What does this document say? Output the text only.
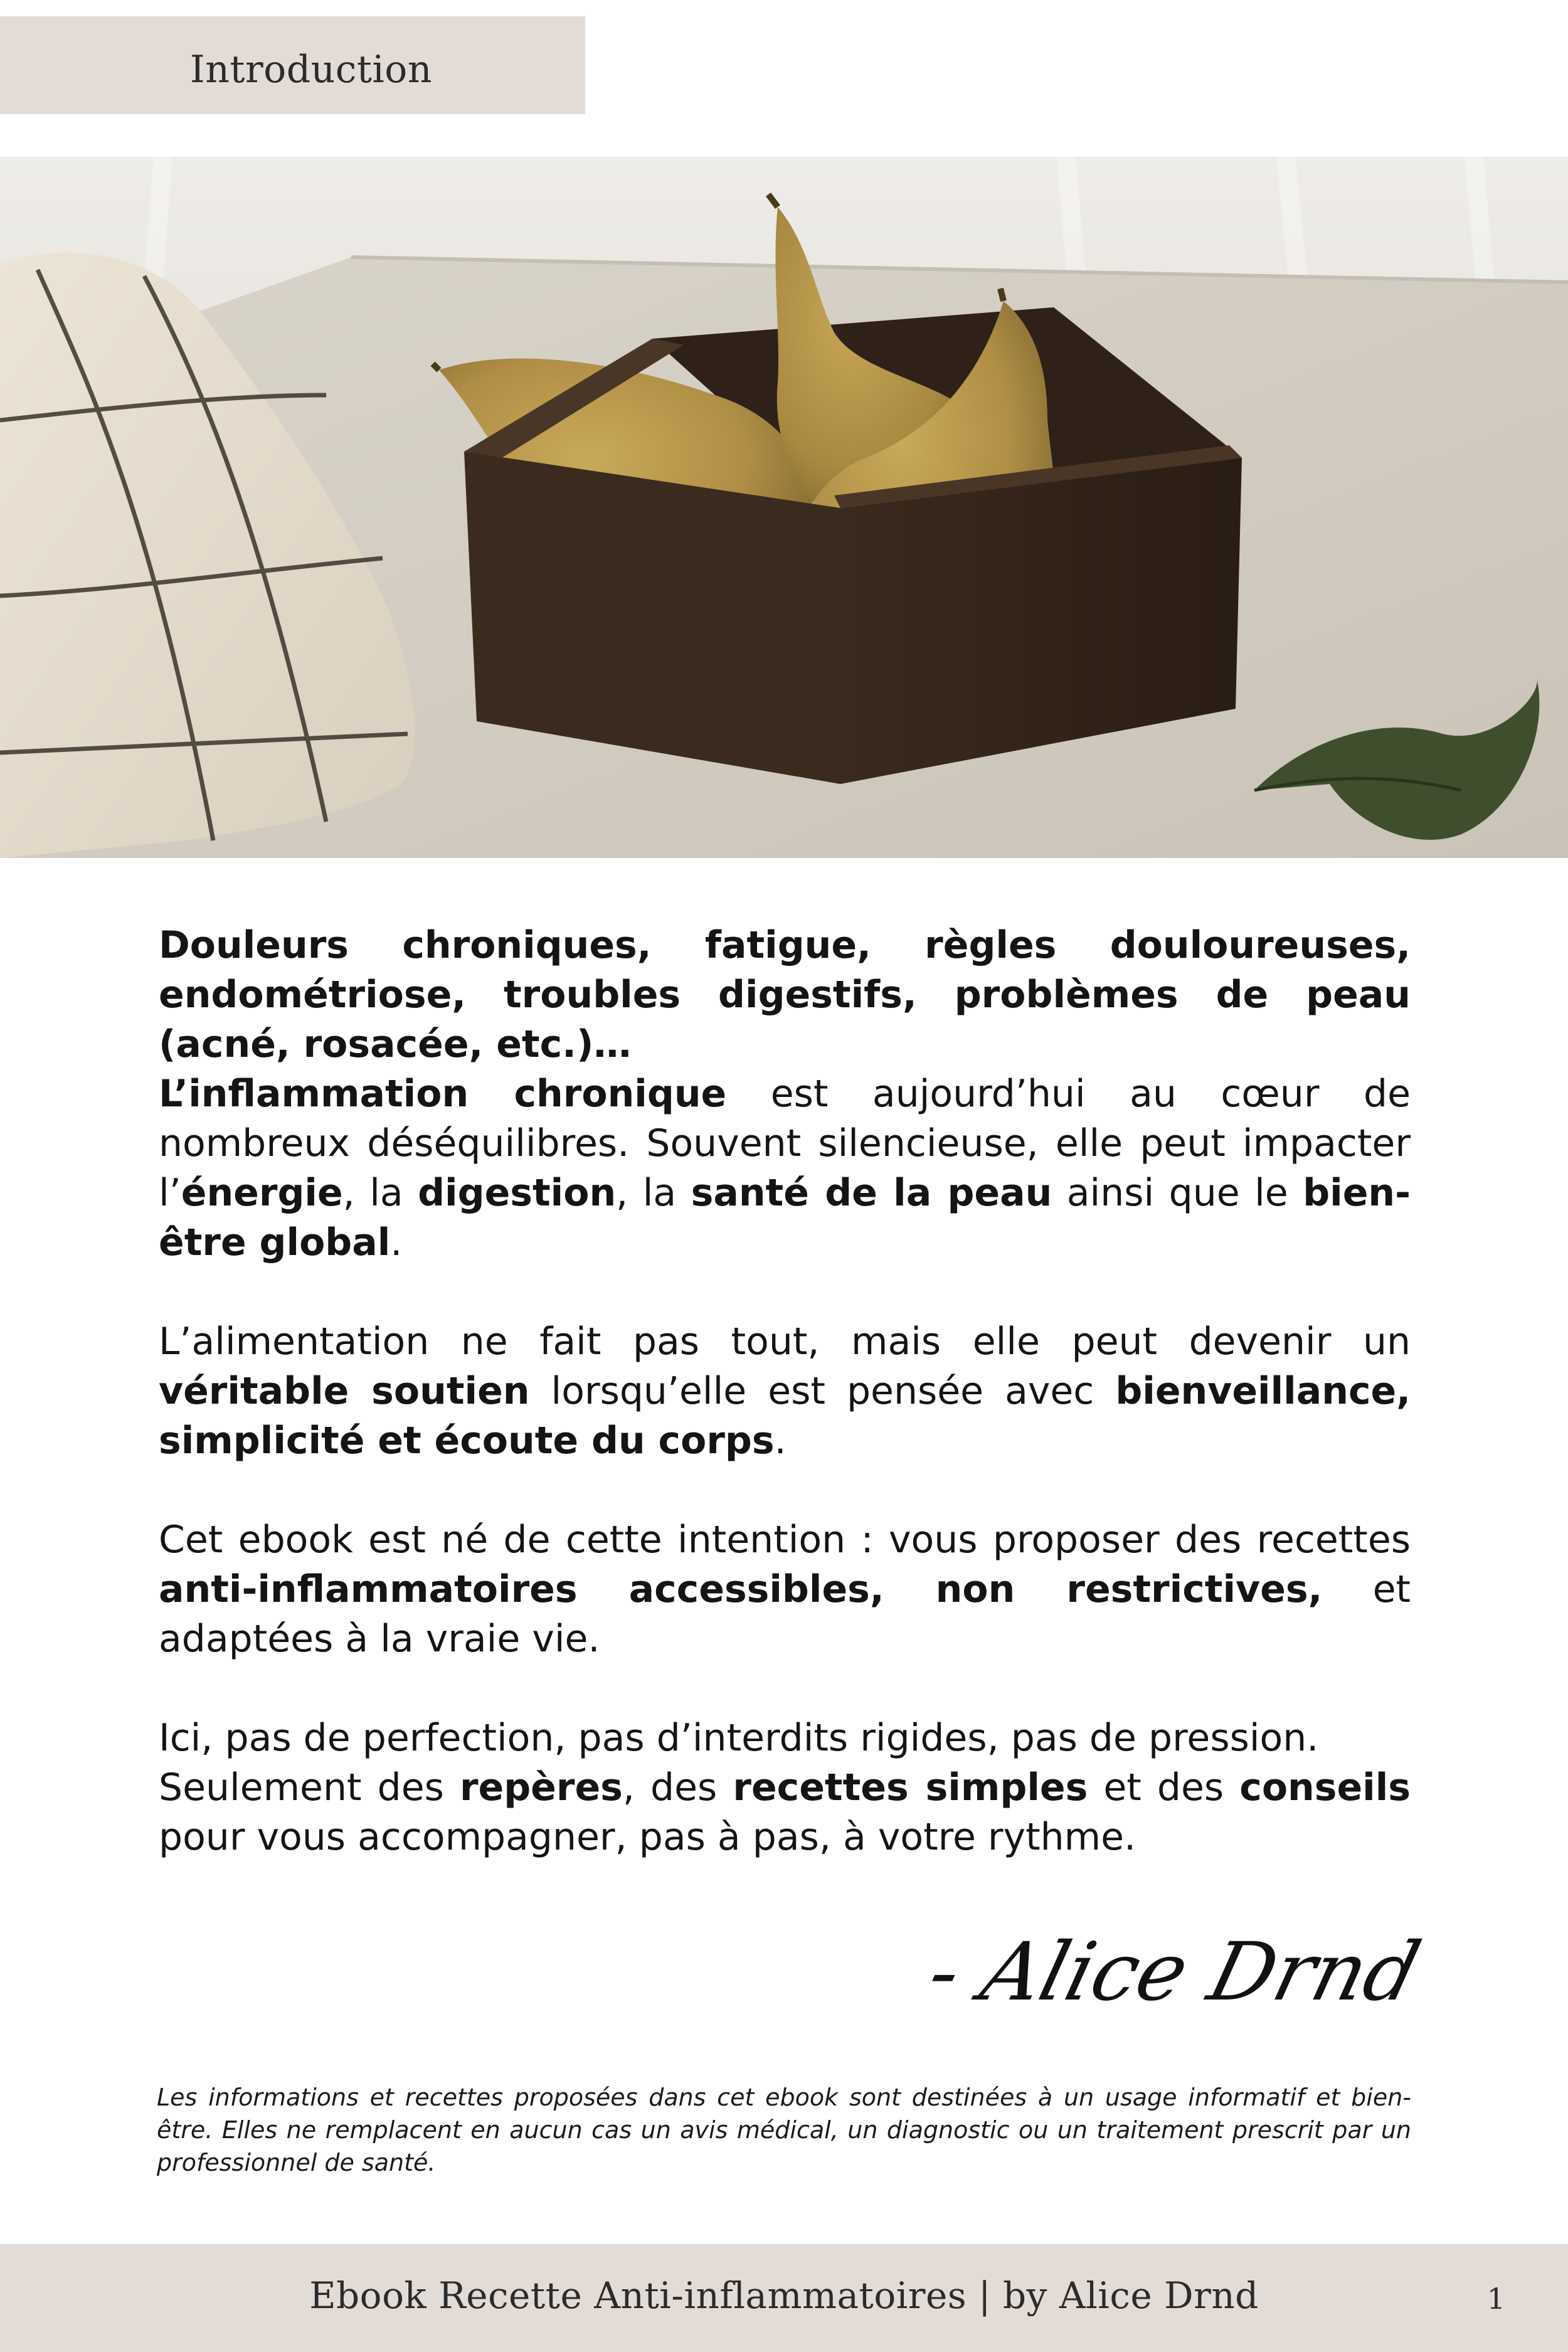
Introduction

Douleurs chroniques, fatigue, règles douloureuses, endométriose, troubles digestifs, problèmes de peau (acné, rosacée, etc.)…
L’inflammation chronique est aujourd’hui au cœur de nombreux déséquilibres. Souvent silencieuse, elle peut impacter l’énergie, la digestion, la santé de la peau ainsi que le bien-être global.

L’alimentation ne fait pas tout, mais elle peut devenir un véritable soutien lorsqu’elle est pensée avec bienveillance, simplicité et écoute du corps.

Cet ebook est né de cette intention : vous proposer des recettes anti-inflammatoires accessibles, non restrictives, et adaptées à la vraie vie.

Ici, pas de perfection, pas d’interdits rigides, pas de pression.
Seulement des repères, des recettes simples et des conseils pour vous accompagner, pas à pas, à votre rythme.

- Alice Drnd
Les informations et recettes proposées dans cet ebook sont destinées à un usage informatif et bien-être. Elles ne remplacent en aucun cas un avis médical, un diagnostic ou un traitement prescrit par un professionnel de santé.
Ebook Recette Anti-inflammatoires | by Alice Drnd	1
